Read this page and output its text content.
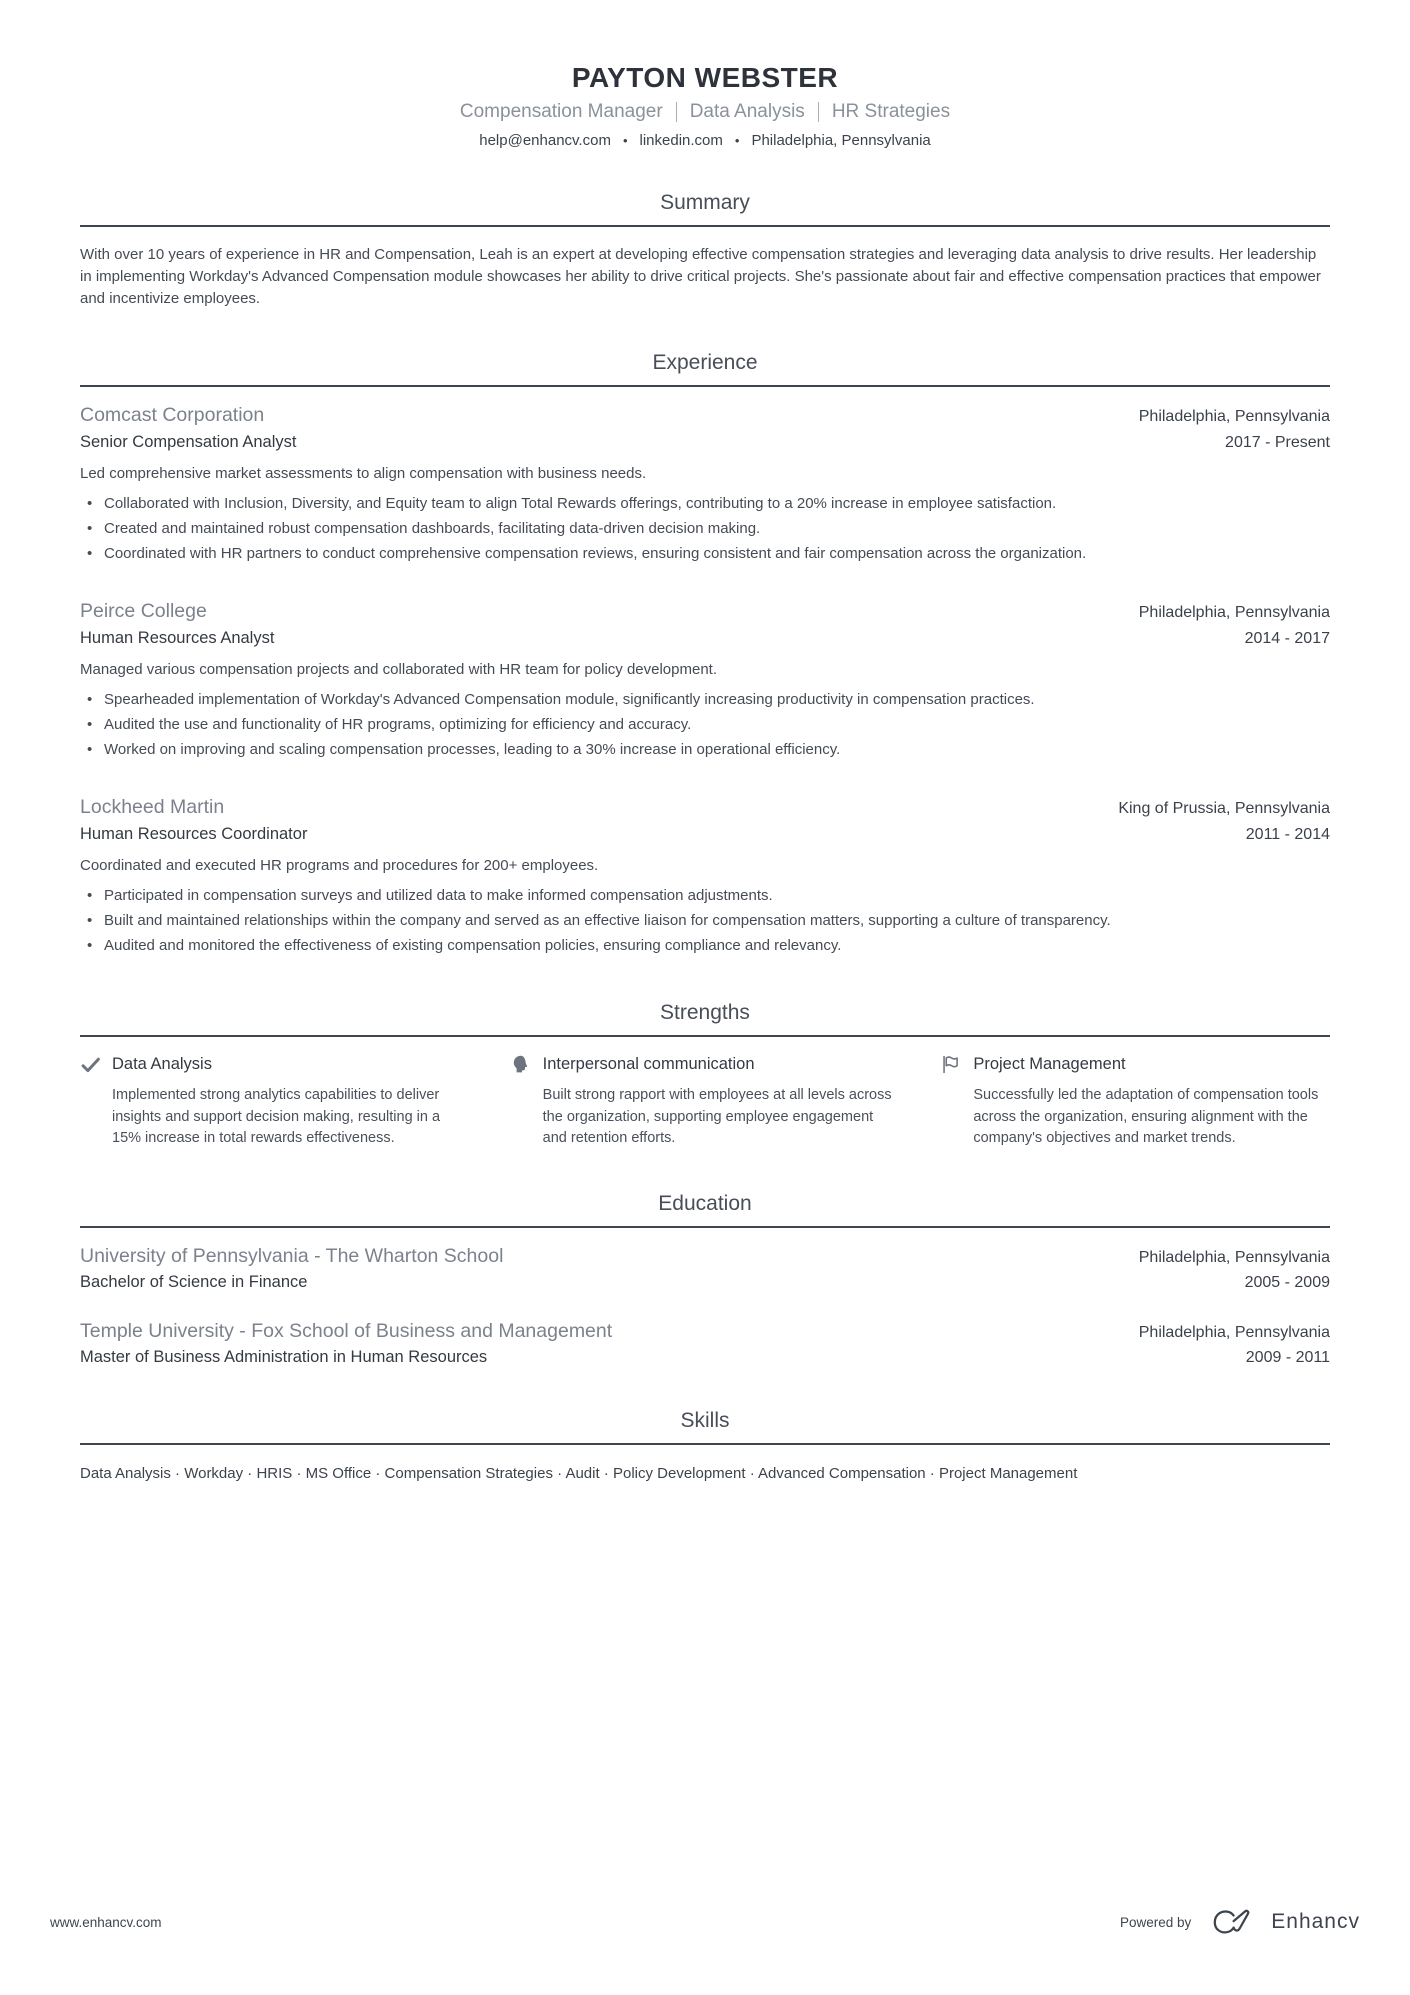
PAYTON WEBSTER
Compensation Manager Data Analysis HR Strategies
help@enhancv.com • linkedin.com • Philadelphia, Pennsylvania
Summary

With over 10 years of experience in HR and Compensation, Leah is an expert at developing effective compensation strategies and leveraging data analysis to drive results. Her leadership in implementing Workday's Advanced Compensation module showcases her ability to drive critical projects. She's passionate about fair and effective compensation practices that empower and incentivize employees.

Experience
Comcast Corporation	Philadelphia, Pennsylvania
Senior Compensation Analyst	2017 - Present

Led comprehensive market assessments to align compensation with business needs.

• Collaborated with Inclusion, Diversity, and Equity team to align Total Rewards offerings, contributing to a 20% increase in employee satisfaction.
• Created and maintained robust compensation dashboards, facilitating data-driven decision making.
• Coordinated with HR partners to conduct comprehensive compensation reviews, ensuring consistent and fair compensation across the organization.
Peirce College	Philadelphia, Pennsylvania
Human Resources Analyst	2014 - 2017

Managed various compensation projects and collaborated with HR team for policy development.

• Spearheaded implementation of Workday's Advanced Compensation module, significantly increasing productivity in compensation practices.
• Audited the use and functionality of HR programs, optimizing for efficiency and accuracy.
• Worked on improving and scaling compensation processes, leading to a 30% increase in operational efficiency.
Lockheed Martin	King of Prussia, Pennsylvania
Human Resources Coordinator	2011 - 2014

Coordinated and executed HR programs and procedures for 200+ employees.

• Participated in compensation surveys and utilized data to make informed compensation adjustments.
• Built and maintained relationships within the company and served as an effective liaison for compensation matters, supporting a culture of transparency.
• Audited and monitored the effectiveness of existing compensation policies, ensuring compliance and relevancy.
Strengths
Data Analysis

Implemented strong analytics capabilities to deliver insights and support decision making, resulting in a 15% increase in total rewards effectiveness.

Interpersonal communication

Built strong rapport with employees at all levels across the organization, supporting employee engagement and retention efforts.

Project Management

Successfully led the adaptation of compensation tools across the organization, ensuring alignment with the company's objectives and market trends.

Education
University of Pennsylvania - The Wharton School	Philadelphia, Pennsylvania
Bachelor of Science in Finance	2005 - 2009
Temple University - Fox School of Business and Management	Philadelphia, Pennsylvania
Master of Business Administration in Human Resources	2009 - 2011
Skills

Data Analysis · Workday · HRIS · MS Office · Compensation Strategies · Audit · Policy Development · Advanced Compensation · Project Management

www.enhancv.com	Powered by	Enhancv
